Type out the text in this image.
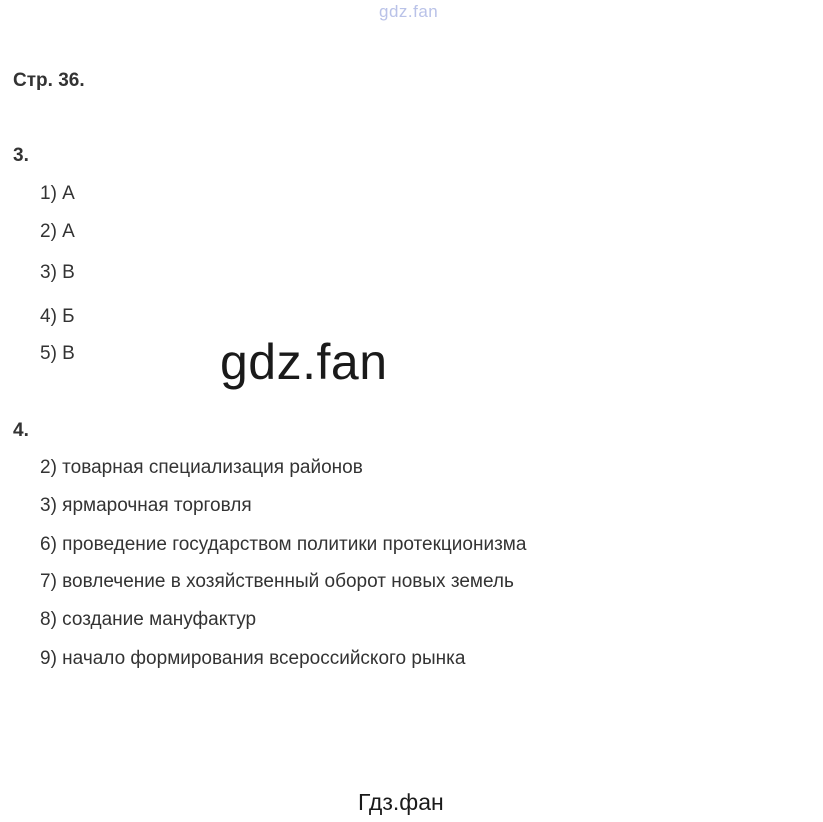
gdz.fan
Стр. 36.
3.
1) А
2) А
3) В
4) Б
5) В	gdz.fan
4.
2) товарная специализация районов
3) ярмарочная торговля
6) проведение государством политики протекционизма
7) вовлечение в хозяйственный оборот новых земель
8) создание мануфактур
9) начало формирования всероссийского рынка
Гдз.фан
